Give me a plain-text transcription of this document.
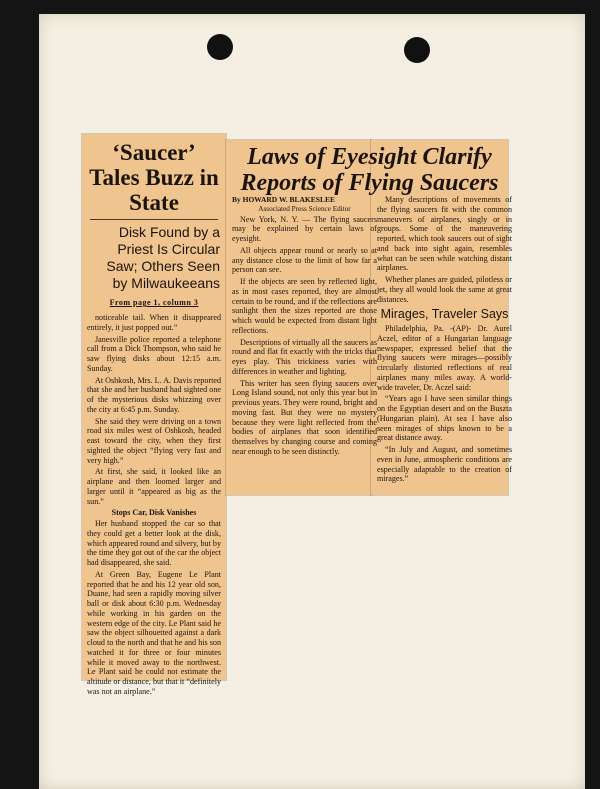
‘Saucer’ Tales Buzz in State
Disk Found by a Priest Is Circular Saw; Others Seen by Milwaukeeans
From page 1, column 3

noticeable tail. When it disappeared entirely, it just popped out.”

Janesville police reported a telephone call from a Dick Thompson, who said he saw flying disks about 12:15 a.m. Sunday.

At Oshkosh, Mrs. L. A. Davis reported that she and her husband had sighted one of the mysterious disks whizzing over the city at 6:45 p.m. Sunday.

She said they were driving on a town road six miles west of Oshkosh, headed east toward the city, when they first sighted the object “flying very fast and very high.”

At first, she said, it looked like an airplane and then loomed larger and larger until it “appeared as big as the sun.”

Stops Car, Disk Vanishes

Her husband stopped the car so that they could get a better look at the disk, which appeared round and silvery, but by the time they got out of the car the object had disappeared, she said.

At Green Bay, Eugene Le Plant reported that he and his 12 year old son, Duane, had seen a rapidly moving silver ball or disk about 6:30 p.m. Wednesday while working in his garden on the western edge of the city. Le Plant said he saw the object silhouetted against a dark cloud to the north and that he and his son watched it for three or four minutes while it moved away to the northwest. Le Plant said he could not estimate the altitude or distance, but that it “definitely was not an airplane.”

Laws of Eyesight Clarify Reports of Flying Saucers
By HOWARD W. BLAKESLEE
Associated Press Science Editor

New York, N. Y. — The flying saucers may be explained by certain laws of eyesight.

All objects appear round or nearly so at any distance close to the limit of how far a person can see.

If the objects are seen by reflected light, as in most cases reported, they are almost certain to be round, and if the reflections are sunlight then the sizes reported are those which would be expected from distant light reflections.

Descriptions of virtually all the saucers as round and flat fit exactly with the tricks that eyes play. This trickiness varies with differences in weather and lighting.

This writer has seen flying saucers over Long Island sound, not only this year but in previous years. They were round, bright and moving fast. But they were no mystery because they were light reflected from the bodies of airplanes that soon identified themselves by changing course and coming near enough to be seen distinctly.

Many descriptions of movements of the flying saucers fit with the common maneuvers of airplanes, singly or in groups. Some of the maneuvering reported, which took saucers out of sight and back into sight again, resembles what can be seen while watching distant airplanes.

Whether planes are guided, pilotless or jet, they all would look the same at great distances.

Mirages, Traveler Says

Philadelphia, Pa. -(AP)- Dr. Aurel Aczel, editor of a Hungarian language newspaper, expressed belief that the flying saucers were mirages—possibly circularly distorted reflections of real airplanes many miles away. A world-wide traveler, Dr. Aczel said:

“Years ago I have seen similar things on the Egyptian desert and on the Buszta (Hungarian plain). At sea I have also seen mirages of ships known to be a great distance away.

“In July and August, and sometimes even in June, atmospheric conditions are especially adaptable to the creation of mirages.”
